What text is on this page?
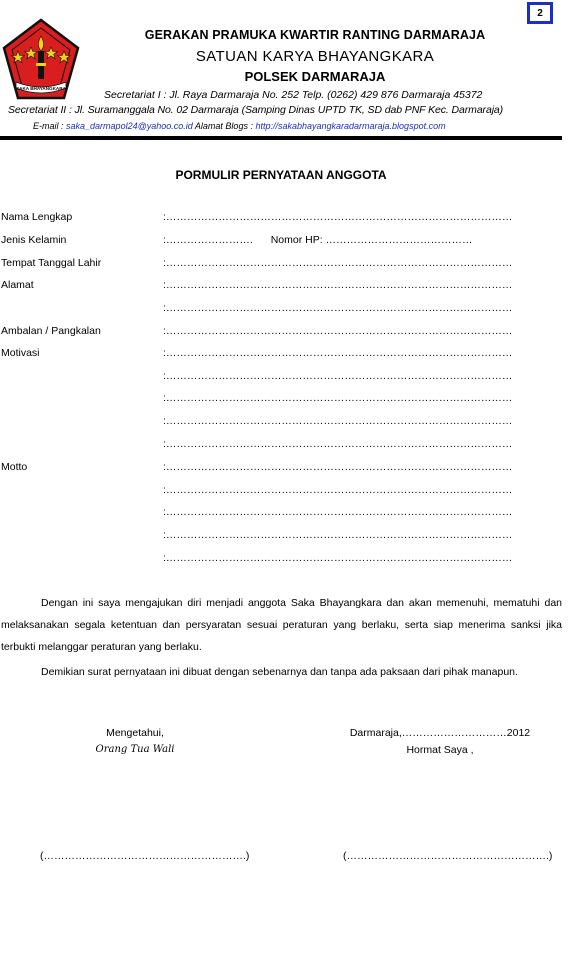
2
SAKA BHAYANGKARA
GERAKAN PRAMUKA KWARTIR RANTING DARMARAJA
SATUAN KARYA BHAYANGKARA
POLSEK DARMARAJA
Secretariat I : Jl. Raya Darmaraja No. 252 Telp. (0262) 429 876 Darmaraja 45372
Secretariat II : Jl. Suramanggala No. 02 Darmaraja (Samping Dinas UPTD TK, SD dab PNF Kec. Darmaraja)
E-mail : saka_darmapol24@yahoo.co.id Alamat Blogs : http://sakabhayangkaradarmaraja.blogspot.com
PORMULIR PERNYATAAN ANGGOTA
Nama Lengkap	:………………………………………………………………………………………
Jenis Kelamin	:……………………. Nomor HP: ……………………………………
Tempat Tanggal Lahir	:………………………………………………………………………………………
Alamat	:………………………………………………………………………………………
:………………………………………………………………………………………
Ambalan / Pangkalan	:………………………………………………………………………………………
Motivasi	:………………………………………………………………………………………
:………………………………………………………………………………………
:………………………………………………………………………………………
:………………………………………………………………………………………
:………………………………………………………………………………………
Motto	:………………………………………………………………………………………
:………………………………………………………………………………………
:………………………………………………………………………………………
:………………………………………………………………………………………
:………………………………………………………………………………………
Dengan ini saya mengajukan diri menjadi anggota Saka Bhayangkara dan akan memenuhi, mematuhi dan melaksanakan segala ketentuan dan persyaratan sesuai peraturan yang berlaku, serta siap menerima sanksi jika terbukti melanggar peraturan yang berlaku.
Demikian surat pernyataan ini dibuat dengan sebenarnya dan tanpa ada paksaan dari pihak manapun.
Mengetahui,
Orang Tua Wali
Darmaraja,…………………………2012
Hormat Saya ,
(………………………………………………….)	(………………………………………………….)
